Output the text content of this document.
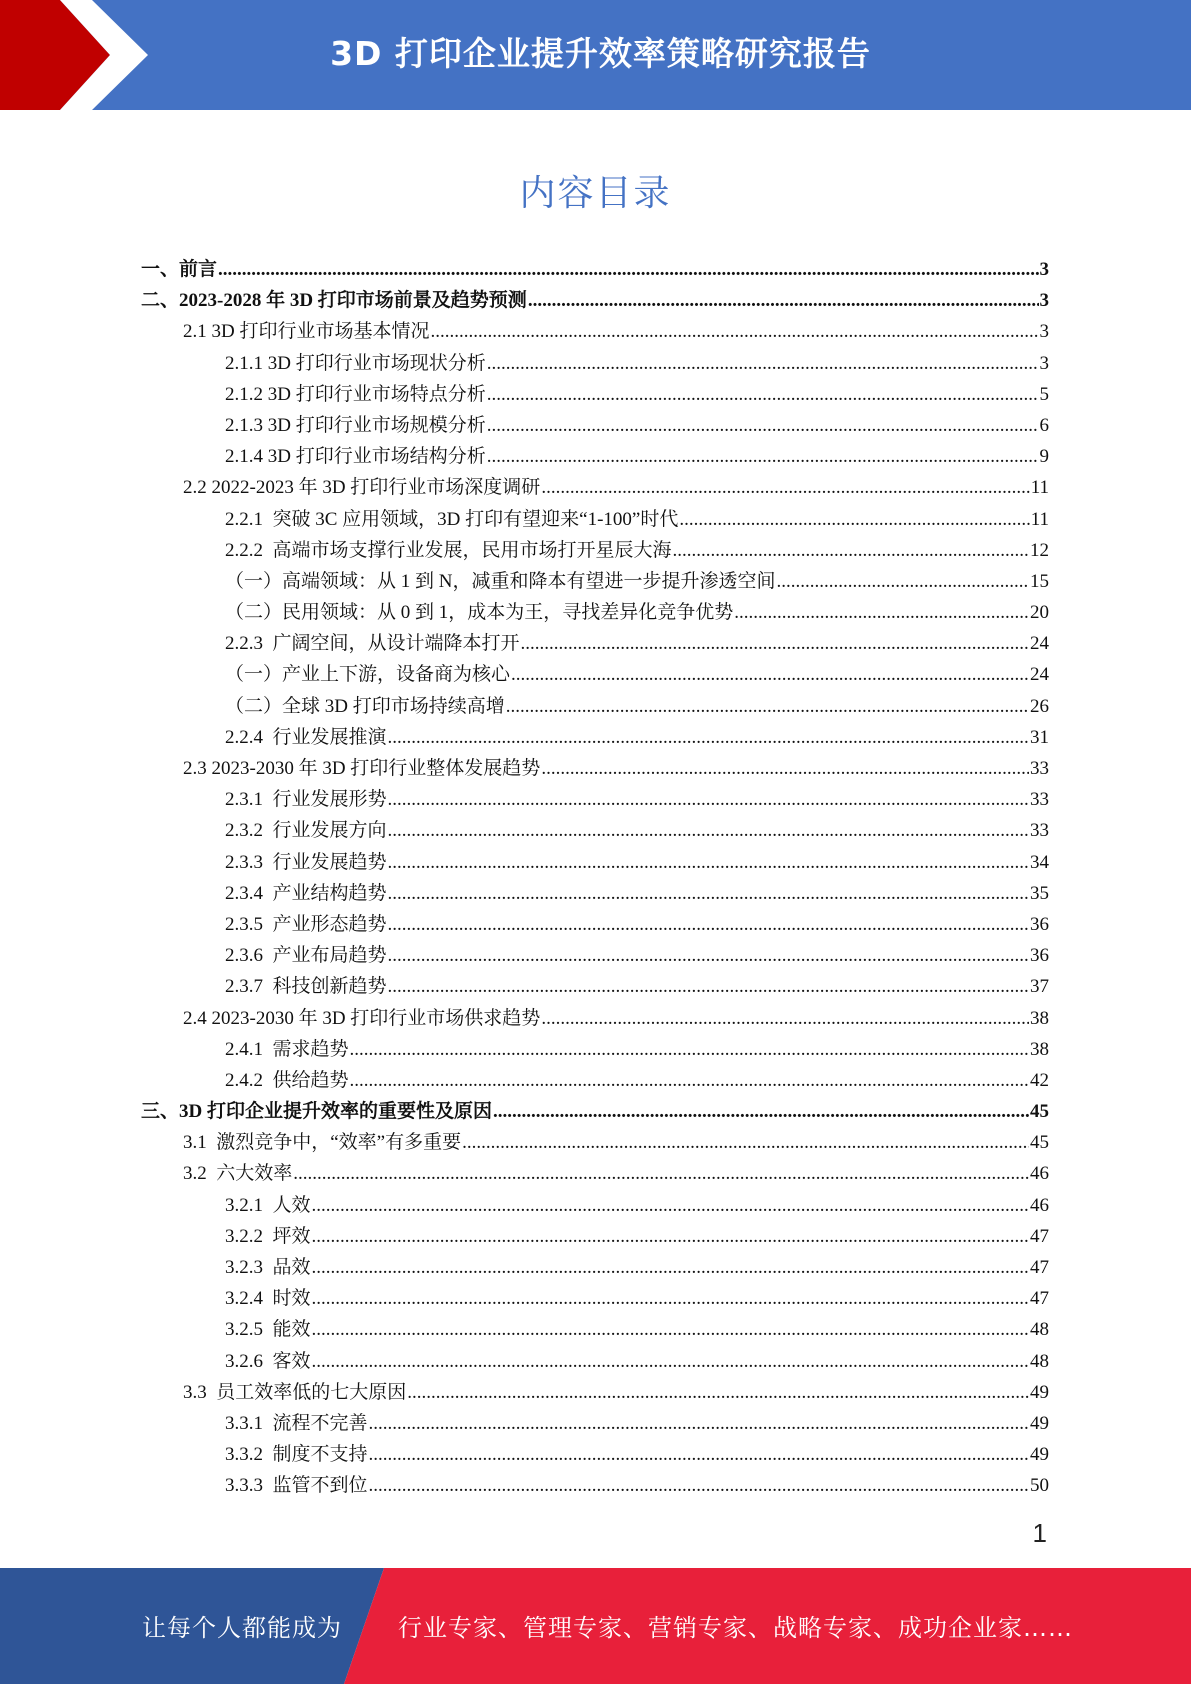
3D 打印企业提升效率策略研究报告
内容目录
一、前言 .....	3
二、2023-2028 年 3D 打印市场前景及趋势预测 .....	3
2.1 3D 打印行业市场基本情况 .....	3
2.1.1 3D 打印行业市场现状分析 .....	3
2.1.2 3D 打印行业市场特点分析 .....	5
2.1.3 3D 打印行业市场规模分析 .....	6
2.1.4 3D 打印行业市场结构分析 .....	9
2.2 2022-2023 年 3D 打印行业市场深度调研 .....	11
2.2.1  突破 3C 应用领域，3D 打印有望迎来“1-100”时代 .....	11
2.2.2  高端市场支撑行业发展，民用市场打开星辰大海 .....	12
（一）高端领域：从 1 到 N，减重和降本有望进一步提升渗透空间 .....	15
（二）民用领域：从 0 到 1，成本为王，寻找差异化竞争优势 .....	20
2.2.3  广阔空间，从设计端降本打开 .....	24
（一）产业上下游，设备商为核心 .....	24
（二）全球 3D 打印市场持续高增 .....	26
2.2.4  行业发展推演 .....	31
2.3 2023-2030 年 3D 打印行业整体发展趋势 .....	33
2.3.1  行业发展形势 .....	33
2.3.2  行业发展方向 .....	33
2.3.3  行业发展趋势 .....	34
2.3.4  产业结构趋势 .....	35
2.3.5  产业形态趋势 .....	36
2.3.6  产业布局趋势 .....	36
2.3.7  科技创新趋势 .....	37
2.4 2023-2030 年 3D 打印行业市场供求趋势 .....	38
2.4.1  需求趋势 .....	38
2.4.2  供给趋势 .....	42
三、3D 打印企业提升效率的重要性及原因 .....	45
3.1  激烈竞争中，“效率”有多重要 .....	45
3.2  六大效率 .....	46
3.2.1  人效 .....	46
3.2.2  坪效 .....	47
3.2.3  品效 .....	47
3.2.4  时效 .....	47
3.2.5  能效 .....	48
3.2.6  客效 .....	48
3.3  员工效率低的七大原因 .....	49
3.3.1  流程不完善 .....	49
3.3.2  制度不支持 .....	49
3.3.3  监管不到位 .....	50
1
让每个人都能成为 行业专家、管理专家、营销专家、战略专家、成功企业家……
